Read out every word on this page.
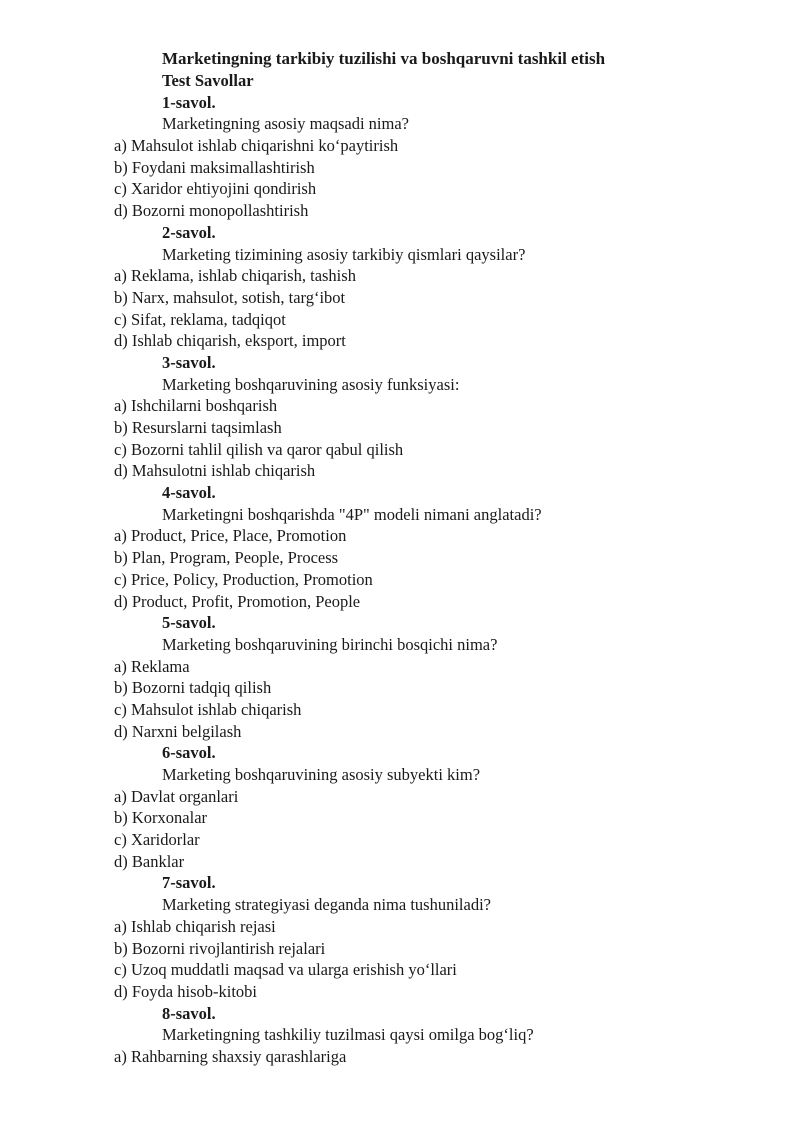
Marketingning tarkibiy tuzilishi va boshqaruvni tashkil etish
Test Savollar
1-savol.
Marketingning asosiy maqsadi nima?
a) Mahsulot ishlab chiqarishni ko‘paytirish
b) Foydani maksimallashtirish
c) Xaridor ehtiyojini qondirish
d) Bozorni monopollashtirish
2-savol.
Marketing tizimining asosiy tarkibiy qismlari qaysilar?
a) Reklama, ishlab chiqarish, tashish
b) Narx, mahsulot, sotish, targ‘ibot
c) Sifat, reklama, tadqiqot
d) Ishlab chiqarish, eksport, import
3-savol.
Marketing boshqaruvining asosiy funksiyasi:
a) Ishchilarni boshqarish
b) Resurslarni taqsimlash
c) Bozorni tahlil qilish va qaror qabul qilish
d) Mahsulotni ishlab chiqarish
4-savol.
Marketingni boshqarishda "4P" modeli nimani anglatadi?
a) Product, Price, Place, Promotion
b) Plan, Program, People, Process
c) Price, Policy, Production, Promotion
d) Product, Profit, Promotion, People
5-savol.
Marketing boshqaruvining birinchi bosqichi nima?
a) Reklama
b) Bozorni tadqiq qilish
c) Mahsulot ishlab chiqarish
d) Narxni belgilash
6-savol.
Marketing boshqaruvining asosiy subyekti kim?
a) Davlat organlari
b) Korxonalar
c) Xaridorlar
d) Banklar
7-savol.
Marketing strategiyasi deganda nima tushuniladi?
a) Ishlab chiqarish rejasi
b) Bozorni rivojlantirish rejalari
c) Uzoq muddatli maqsad va ularga erishish yo‘llari
d) Foyda hisob-kitobi
8-savol.
Marketingning tashkiliy tuzilmasi qaysi omilga bog‘liq?
a) Rahbarning shaxsiy qarashlariga
